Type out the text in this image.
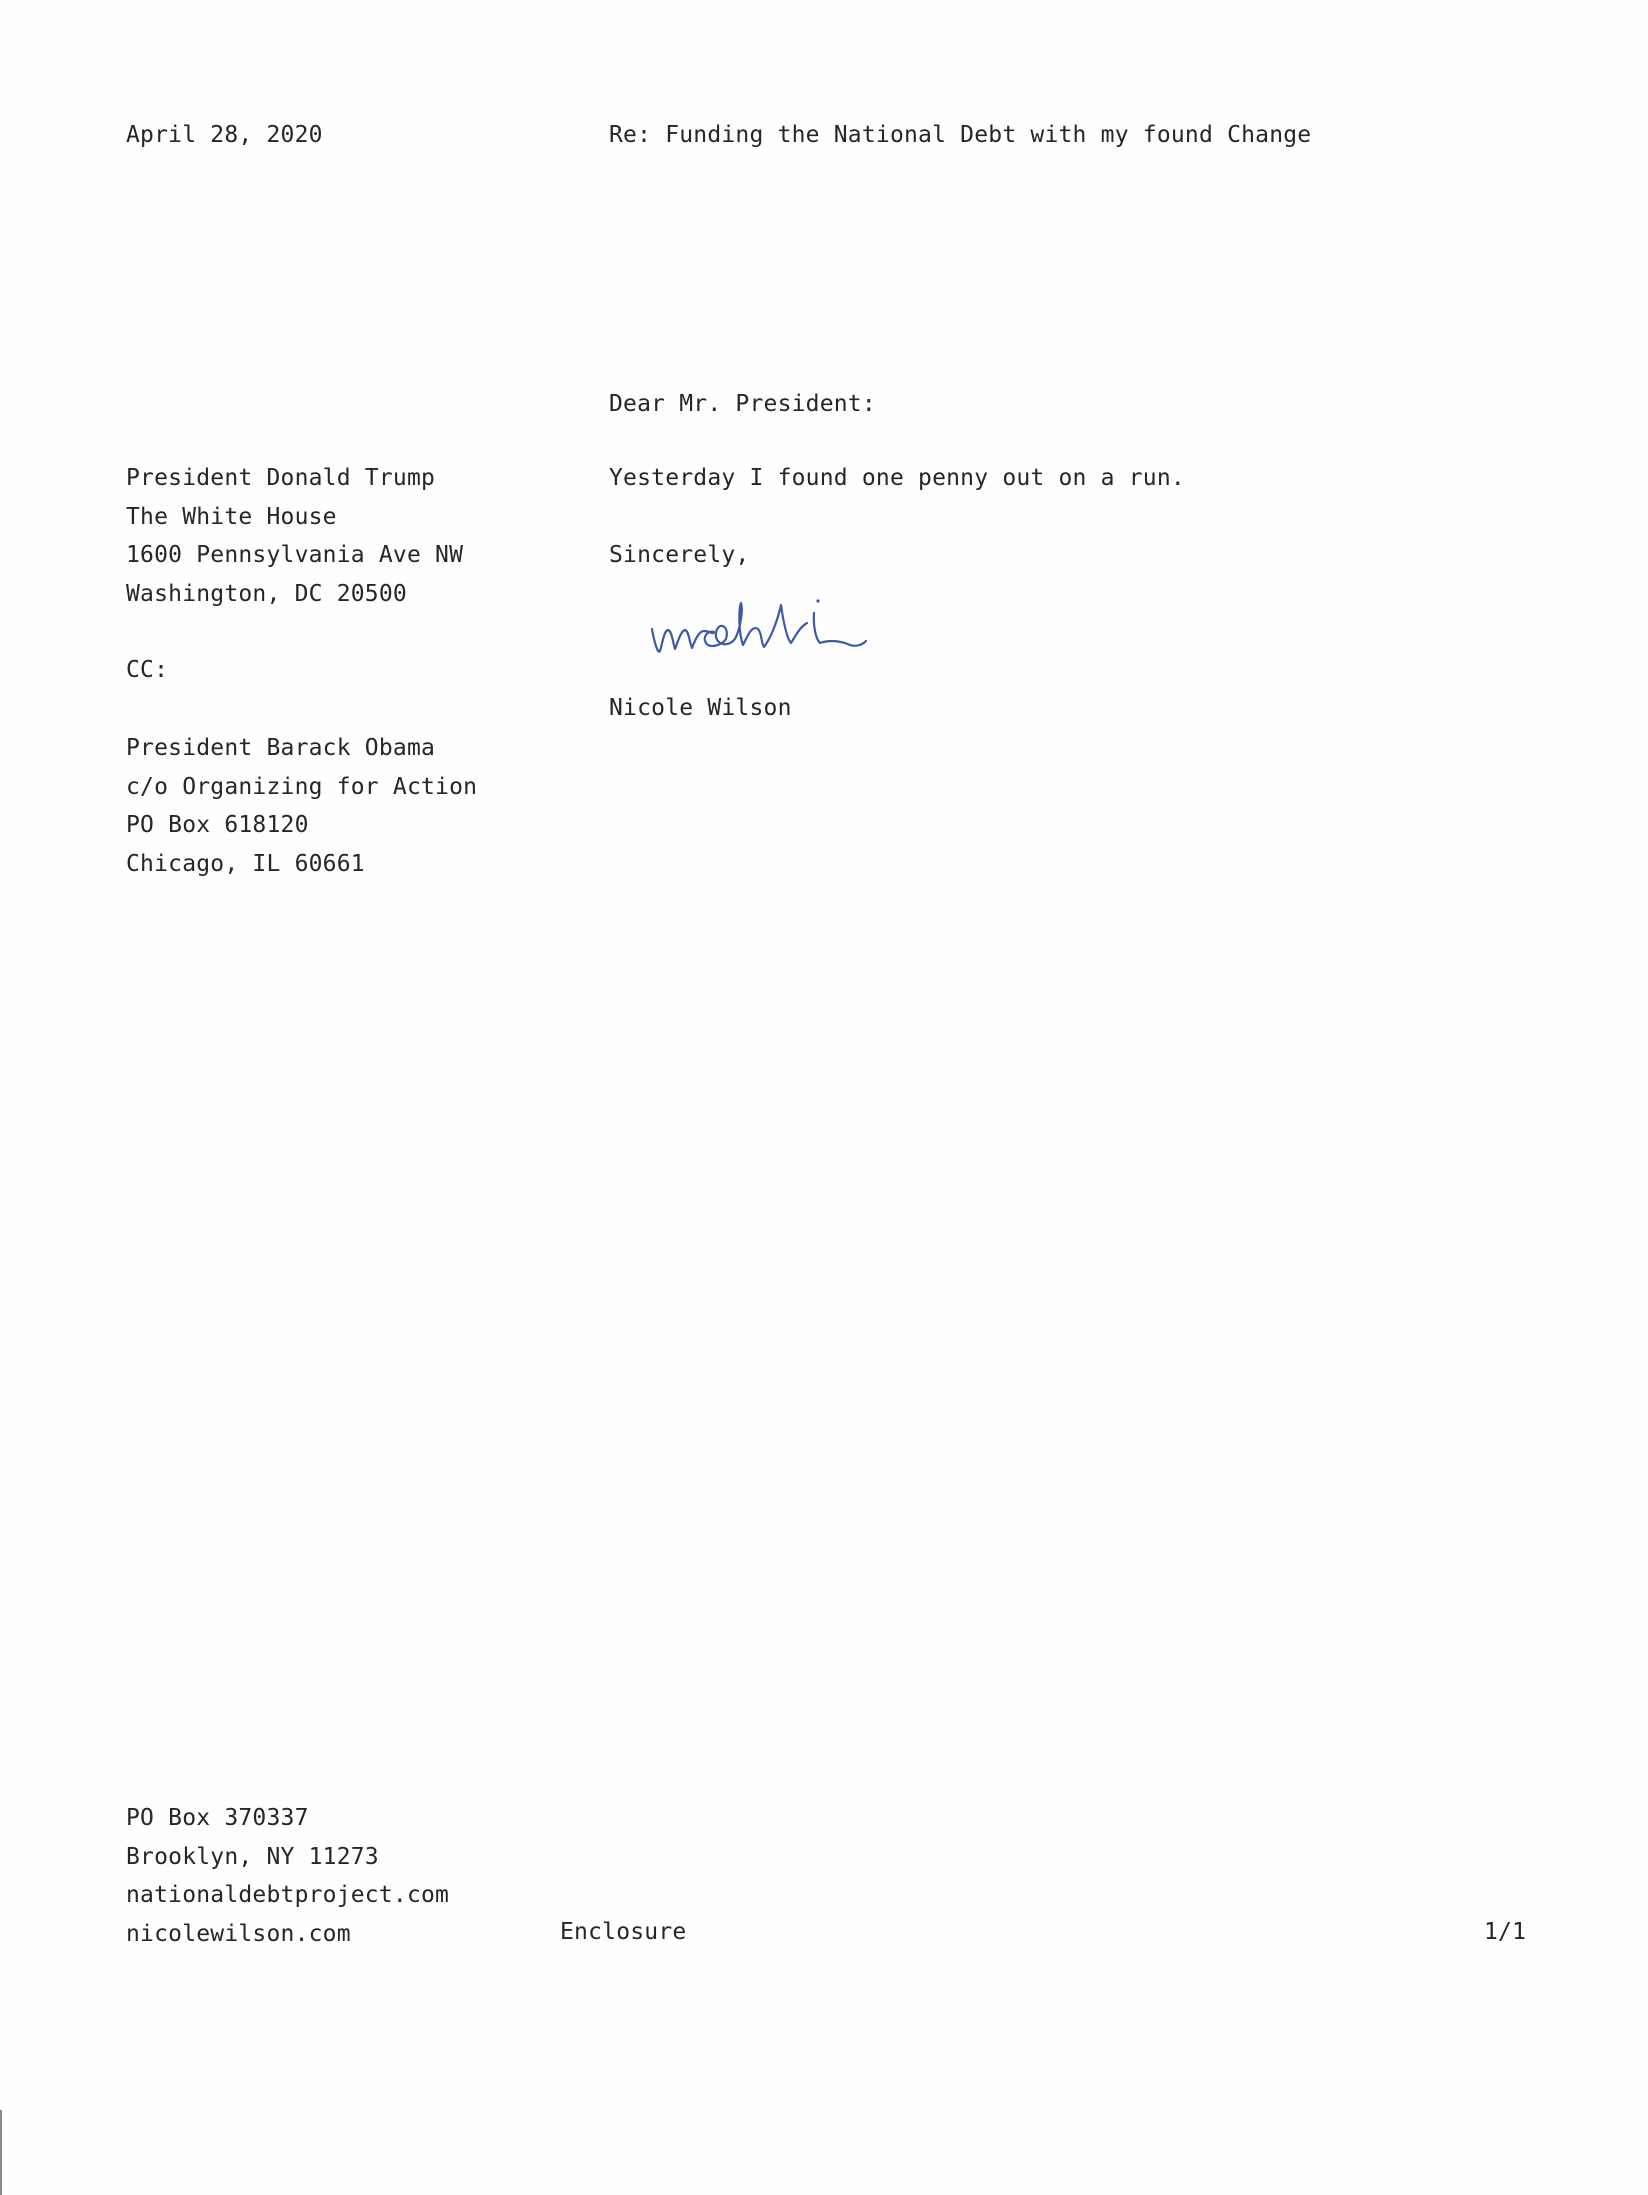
April 28, 2020	Re: Funding the National Debt with my found Change
Dear Mr. President:
President Donald Trump
The White House
1600 Pennsylvania Ave NW
Washington, DC 20500
Yesterday I found one penny out on a run.
Sincerely,
Nicole Wilson
CC:
President Barack Obama
c/o Organizing for Action
PO Box 618120
Chicago, IL 60661
PO Box 370337
Brooklyn, NY 11273
nationaldebtproject.com
nicolewilson.com	Enclosure	1/1
